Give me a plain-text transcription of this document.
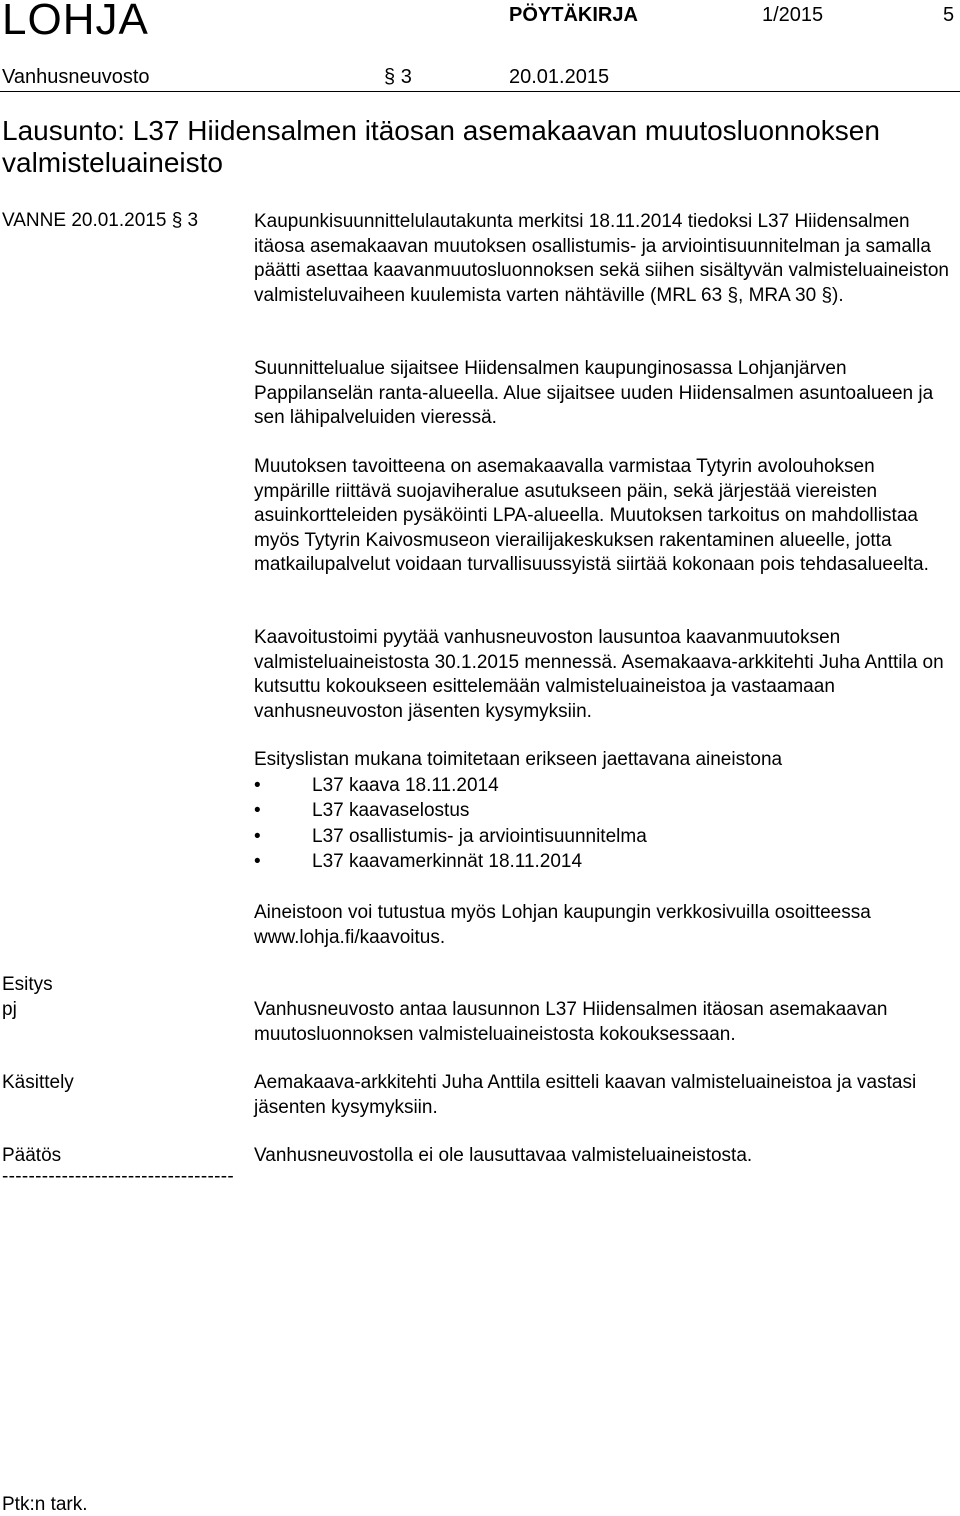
LOHJA	PÖYTÄKIRJA	1/2015	5
Vanhusneuvosto	§ 3	20.01.2015
Lausunto: L37 Hiidensalmen itäosan asemakaavan muutosluonnoksen valmisteluaineisto
VANNE 20.01.2015 § 3	Kaupunkisuunnittelulautakunta merkitsi 18.11.2014 tiedoksi L37 Hiidensalmen itäosa asemakaavan muutoksen osallistumis- ja arviointisuunnitelman ja samalla päätti asettaa kaavanmuutosluonnoksen sekä siihen sisältyvän valmisteluaineiston valmisteluvaiheen kuulemista varten nähtäville (MRL 63 §, MRA 30 §).
Suunnittelualue sijaitsee Hiidensalmen kaupunginosassa Lohjanjärven Pappilanselän ranta-alueella. Alue sijaitsee uuden Hiidensalmen asuntoalueen ja sen lähipalveluiden vieressä.
Muutoksen tavoitteena on asemakaavalla varmistaa Tytyrin avolouhoksen ympärille riittävä suojaviheralue asutukseen päin, sekä järjestää viereisten asuinkortteleiden pysäköinti LPA-alueella. Muutoksen tarkoitus on mahdollistaa myös Tytyrin Kaivosmuseon vierailijakeskuksen rakentaminen alueelle, jotta matkailupalvelut voidaan turvallisuussyistä siirtää kokonaan pois tehdasalueelta.
Kaavoitustoimi pyytää vanhusneuvoston lausuntoa kaavanmuutoksen valmisteluaineistosta 30.1.2015 mennessä. Asemakaava-arkkitehti Juha Anttila on kutsuttu kokoukseen esittelemään valmisteluaineistoa ja vastaamaan vanhusneuvoston jäsenten kysymyksiin.

Esityslistan mukana toimitetaan erikseen jaettavana aineistona

• L37 kaava 18.11.2014
• L37 kaavaselostus
• L37 osallistumis- ja arviointisuunnitelma
• L37 kaavamerkinnät 18.11.2014
Aineistoon voi tutustua myös Lohjan kaupungin verkkosivuilla osoitteessa www.lohja.fi/kaavoitus.
Esitys
pj	Vanhusneuvosto antaa lausunnon L37 Hiidensalmen itäosan asemakaavan muutosluonnoksen valmisteluaineistosta kokouksessaan.
Käsittely	Aemakaava-arkkitehti Juha Anttila esitteli kaavan valmisteluaineistoa ja vastasi jäsenten kysymyksiin.
Päätös	Vanhusneuvostolla ei ole lausuttavaa valmisteluaineistosta.
-----------------------------------
Ptk:n tark.
